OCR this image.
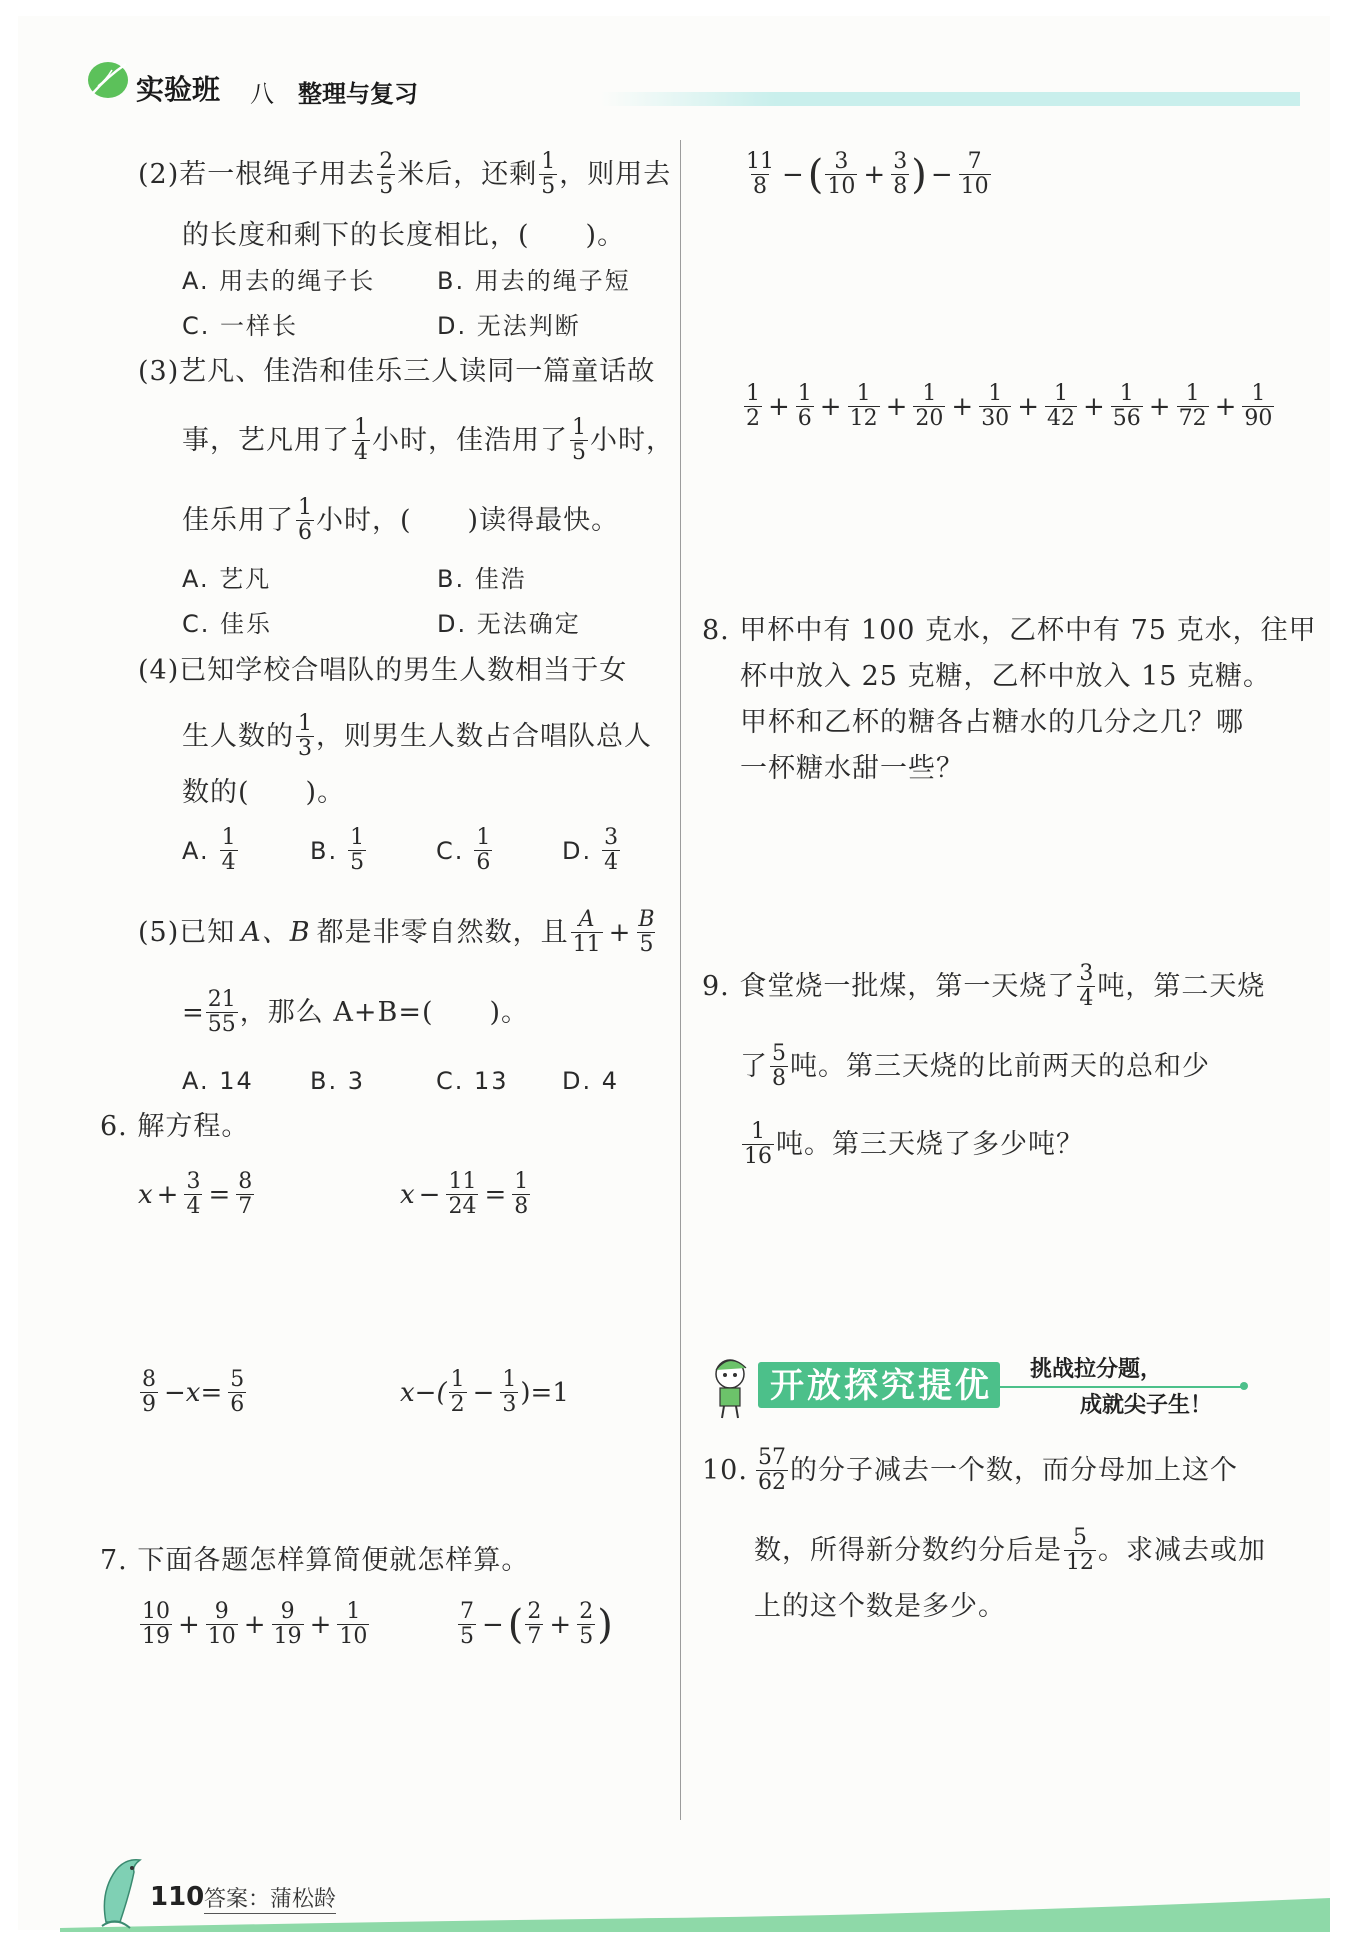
实验班 八 整理与复习
(2)若一根绳子用去 $\frac{2}{5}$ 米后，还剩 $\frac{1}{5}$ ，则用去
的长度和剩下的长度相比，(　　)。
A. 用去的绳子长	B. 用去的绳子短
C. 一样长	D. 无法判断
(3)艺凡、佳浩和佳乐三人读同一篇童话故
事，艺凡用了 $\frac{1}{4}$ 小时，佳浩用了 $\frac{1}{5}$ 小时，
佳乐用了 $\frac{1}{6}$ 小时，(　　)读得最快。
A. 艺凡	B. 佳浩
C. 佳乐	D. 无法确定
(4)已知学校合唱队的男生人数相当于女
生人数的 $\frac{1}{3}$ ，则男生人数占合唱队总人
数的(　　)。
A. $\frac{1}{4}$	B. $\frac{1}{5}$	C. $\frac{1}{6}$	D. $\frac{3}{4}$
(5)已知 A、B 都是非零自然数，且 $\frac{A}{11} + \frac{B}{5}$
= $\frac{21}{55}$ ，那么 A+B=(　　)。
A. 14 B. 3	C. 13 D. 4
6. 解方程。
$x + \frac{3}{4} = \frac{8}{7}$	$x - \frac{11}{24} = \frac{1}{8}$
$\frac{8}{9} -x= \frac{5}{6}$	$x-( \frac{1}{2} - \frac{1}{3} )=1$
7. 下面各题怎样算简便就怎样算。
$\frac{10}{19} + \frac{9}{10} + \frac{9}{19} + \frac{1}{10}$	$\frac{7}{5}$ − ( $\frac{2}{7} + \frac{2}{5}$ )
$\frac{11}{8}$ − ( $\frac{3}{10} + \frac{3}{8}$ ) − $\frac{7}{10}$
$\frac{1}{2} + \frac{1}{6} + \frac{1}{12} + \frac{1}{20} + \frac{1}{30} + \frac{1}{42} + \frac{1}{56} + \frac{1}{72} + \frac{1}{90}$
8. 甲杯中有 100 克水，乙杯中有 75 克水，往甲
杯中放入 25 克糖，乙杯中放入 15 克糖。
甲杯和乙杯的糖各占糖水的几分之几？哪
一杯糖水甜一些？
9. 食堂烧一批煤，第一天烧了 $\frac{3}{4}$ 吨，第二天烧
了 $\frac{5}{8}$ 吨。第三天烧的比前两天的总和少
$\frac{1}{16}$ 吨。第三天烧了多少吨？
开放探究提优 挑战拉分题，
成就尖子生！
10. $\frac{57}{62}$ 的分子减去一个数，而分母加上这个
数，所得新分数约分后是 $\frac{5}{12}$ 。求减去或加
上的这个数是多少。
110 答案：蒲松龄
